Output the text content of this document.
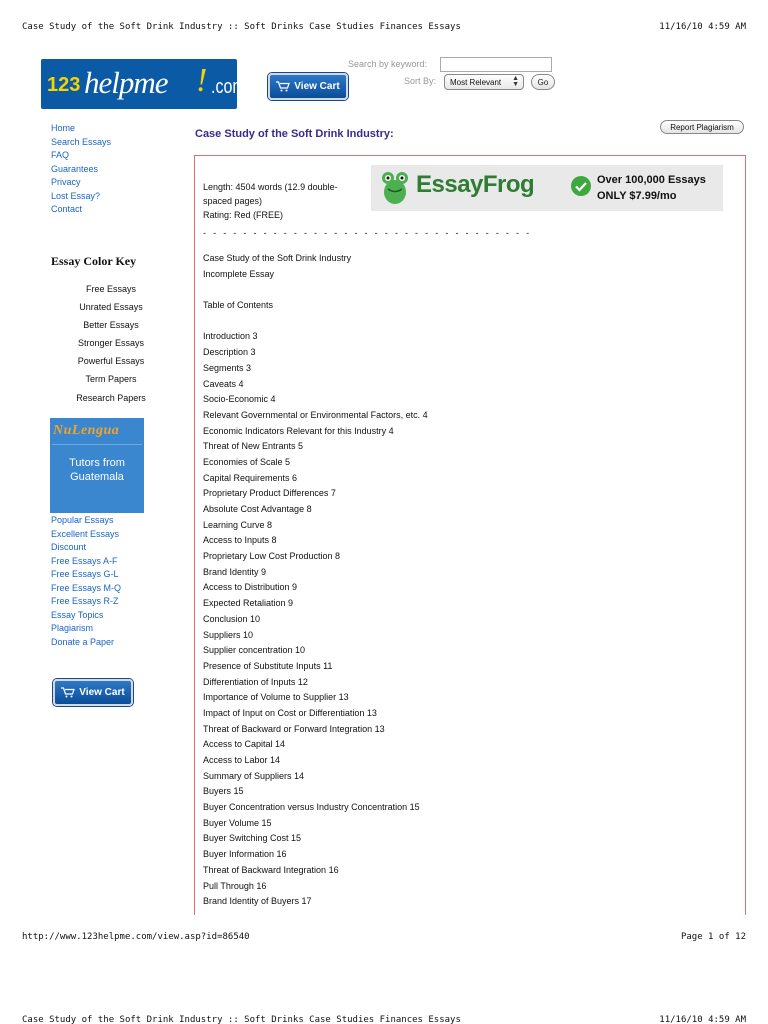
Case Study of the Soft Drink Industry :: Soft Drinks Case Studies Finances Essays	11/16/10 4:59 AM
123 helpme ! .com	View Cart
Search by keyword:
Sort By: Most Relevant ▲
▼	Go
Home
Search Essays
FAQ
Guarantees
Privacy
Lost Essay?
Contact
Essay Color Key
Free Essays
Unrated Essays
Better Essays
Stronger Essays
Powerful Essays
Term Papers
Research Papers
NuLengua
Tutors from
Guatemala
Popular Essays
Excellent Essays
Discount
Free Essays A-F
Free Essays G-L
Free Essays M-Q
Free Essays R-Z
Essay Topics
Plagiarism
Donate a Paper
View Cart
Case Study of the Soft Drink Industry:
Report Plagiarism
EssayFrog	Over 100,000 Essays
ONLY $7.99/mo
Length: 4504 words (12.9 double-spaced pages)
Rating: Red (FREE)
- - - - - - - - - - - - - - - - - - - - - - - - - - - - - - - - -
Case Study of the Soft Drink Industry
Incomplete Essay
Table of Contents
Introduction 3
Description 3
Segments 3
Caveats 4
Socio-Economic 4
Relevant Governmental or Environmental Factors, etc. 4
Economic Indicators Relevant for this Industry 4
Threat of New Entrants 5
Economies of Scale 5
Capital Requirements 6
Proprietary Product Differences 7
Absolute Cost Advantage 8
Learning Curve 8
Access to Inputs 8
Proprietary Low Cost Production 8
Brand Identity 9
Access to Distribution 9
Expected Retaliation 9
Conclusion 10
Suppliers 10
Supplier concentration 10
Presence of Substitute Inputs 11
Differentiation of Inputs 12
Importance of Volume to Supplier 13
Impact of Input on Cost or Differentiation 13
Threat of Backward or Forward Integration 13
Access to Capital 14
Access to Labor 14
Summary of Suppliers 14
Buyers 15
Buyer Concentration versus Industry Concentration 15
Buyer Volume 15
Buyer Switching Cost 15
Buyer Information 16
Threat of Backward Integration 16
Pull Through 16
Brand Identity of Buyers 17
http://www.123helpme.com/view.asp?id=86540	Page 1 of 12
Case Study of the Soft Drink Industry :: Soft Drinks Case Studies Finances Essays	11/16/10 4:59 AM
